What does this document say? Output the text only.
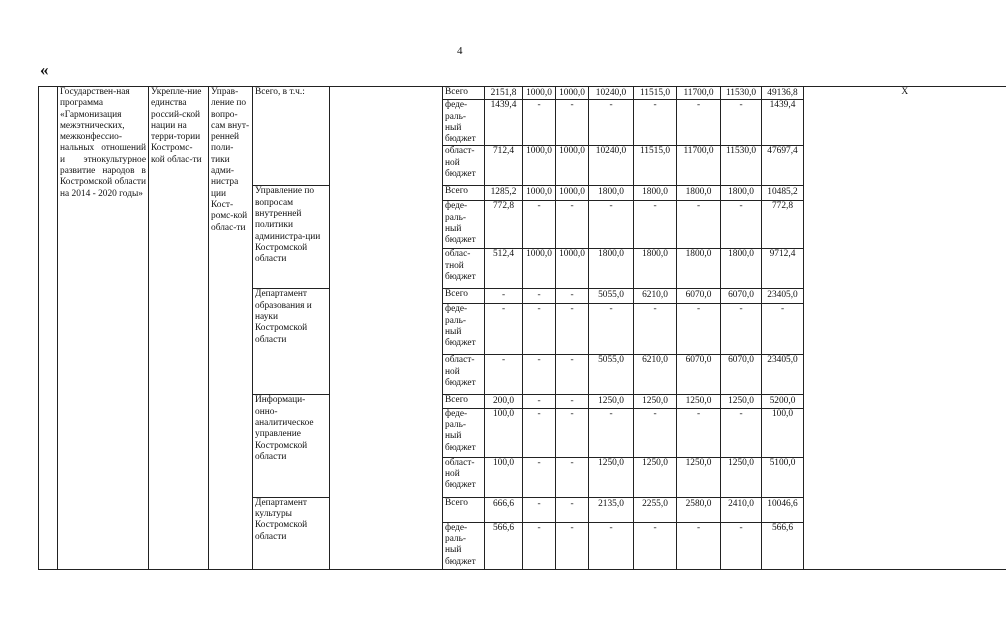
4
«
	Государствен-ная программа «Гармонизация межэтнических, межконфессио-нальных отношений и этнокультурное развитие народов в Костромской области на 2014 - 2020 годы»	Укрепле-ние единства россий-ской нации на терри-тории Костромс-кой облас-ти	Управ-ление по вопро-сам внут-ренней поли-тики адми-нистра ции Кост-ромс-кой облас-ти	Всего, в т.ч.:		Всего	2151,8	1000,0	1000,0	10240,0	11515,0	11700,0	11530,0	49136,8	Х
						феде-раль-ный бюджет	1439,4	-	-	-	-	-	-	1439,4	
						област-ной бюджет	712,4	1000,0	1000,0	10240,0	11515,0	11700,0	11530,0	47697,4	
				Управление по вопросам внутренней политики администра-ции Костромской области		Всего	1285,2	1000,0	1000,0	1800,0	1800,0	1800,0	1800,0	10485,2	
						феде-раль-ный бюджет	772,8	-	-	-	-	-	-	772,8	
						облас-тной бюджет	512,4	1000,0	1000,0	1800,0	1800,0	1800,0	1800,0	9712,4	
				Департамент образования и науки Костромской области		Всего	-	-	-	5055,0	6210,0	6070,0	6070,0	23405,0	
						феде-раль-ный бюджет	-	-	-	-	-	-	-	-	
						област-ной бюджет	-	-	-	5055,0	6210,0	6070,0	6070,0	23405,0	
				Информаци-онно-аналитическое управление Костромской области		Всего	200,0	-	-	1250,0	1250,0	1250,0	1250,0	5200,0	
						феде-раль-ный бюджет	100,0	-	-	-	-	-	-	100,0	
						област-ной бюджет	100,0	-	-	1250,0	1250,0	1250,0	1250,0	5100,0	
				Департамент культуры Костромской области		Всего	666,6	-	-	2135,0	2255,0	2580,0	2410,0	10046,6	
						феде-раль-ный бюджет	566,6	-	-	-	-	-	-	566,6	
